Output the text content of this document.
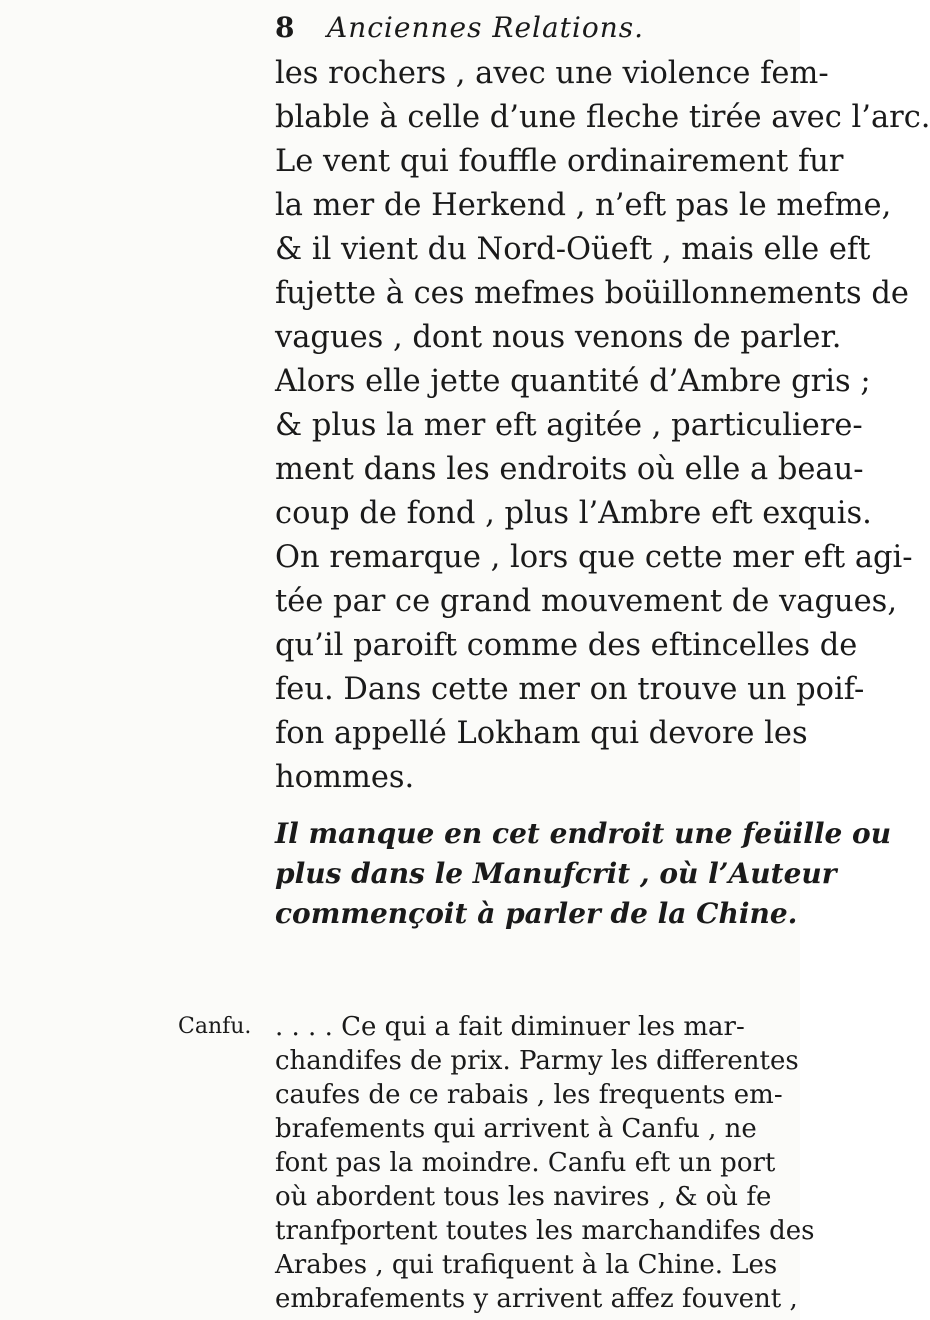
8 Anciennes Relations.
Canfu.
les rochers , avec une violence fem-
blable à celle d’une fleche tirée avec l’arc.
Le vent qui fouffle ordinairement fur
la mer de Herkend , n’eft pas le mefme,
& il vient du Nord-Oüeft , mais elle eft
fujette à ces mefmes boüillonnements de
vagues , dont nous venons de parler.
Alors elle jette quantité d’Ambre gris ;
& plus la mer eft agitée , particuliere-
ment dans les endroits où elle a beau-
coup de fond , plus l’Ambre eft exquis.
On remarque , lors que cette mer eft agi-
tée par ce grand mouvement de vagues,
qu’il paroift comme des eftincelles de
feu. Dans cette mer on trouve un poif-
fon appellé Lokham qui devore les
hommes.
Il manque en cet endroit une feüille ou
plus dans le Manufcrit , où l’Auteur
commençoit à parler de la Chine.
. . . . Ce qui a fait diminuer les mar-
chandifes de prix. Parmy les differentes
caufes de ce rabais , les frequents em-
brafements qui arrivent à Canfu , ne
font pas la moindre. Canfu eft un port
où abordent tous les navires , & où fe
tranfportent toutes les marchandifes des
Arabes , qui trafiquent à la Chine. Les
embrafements y arrivent affez fouvent ,
